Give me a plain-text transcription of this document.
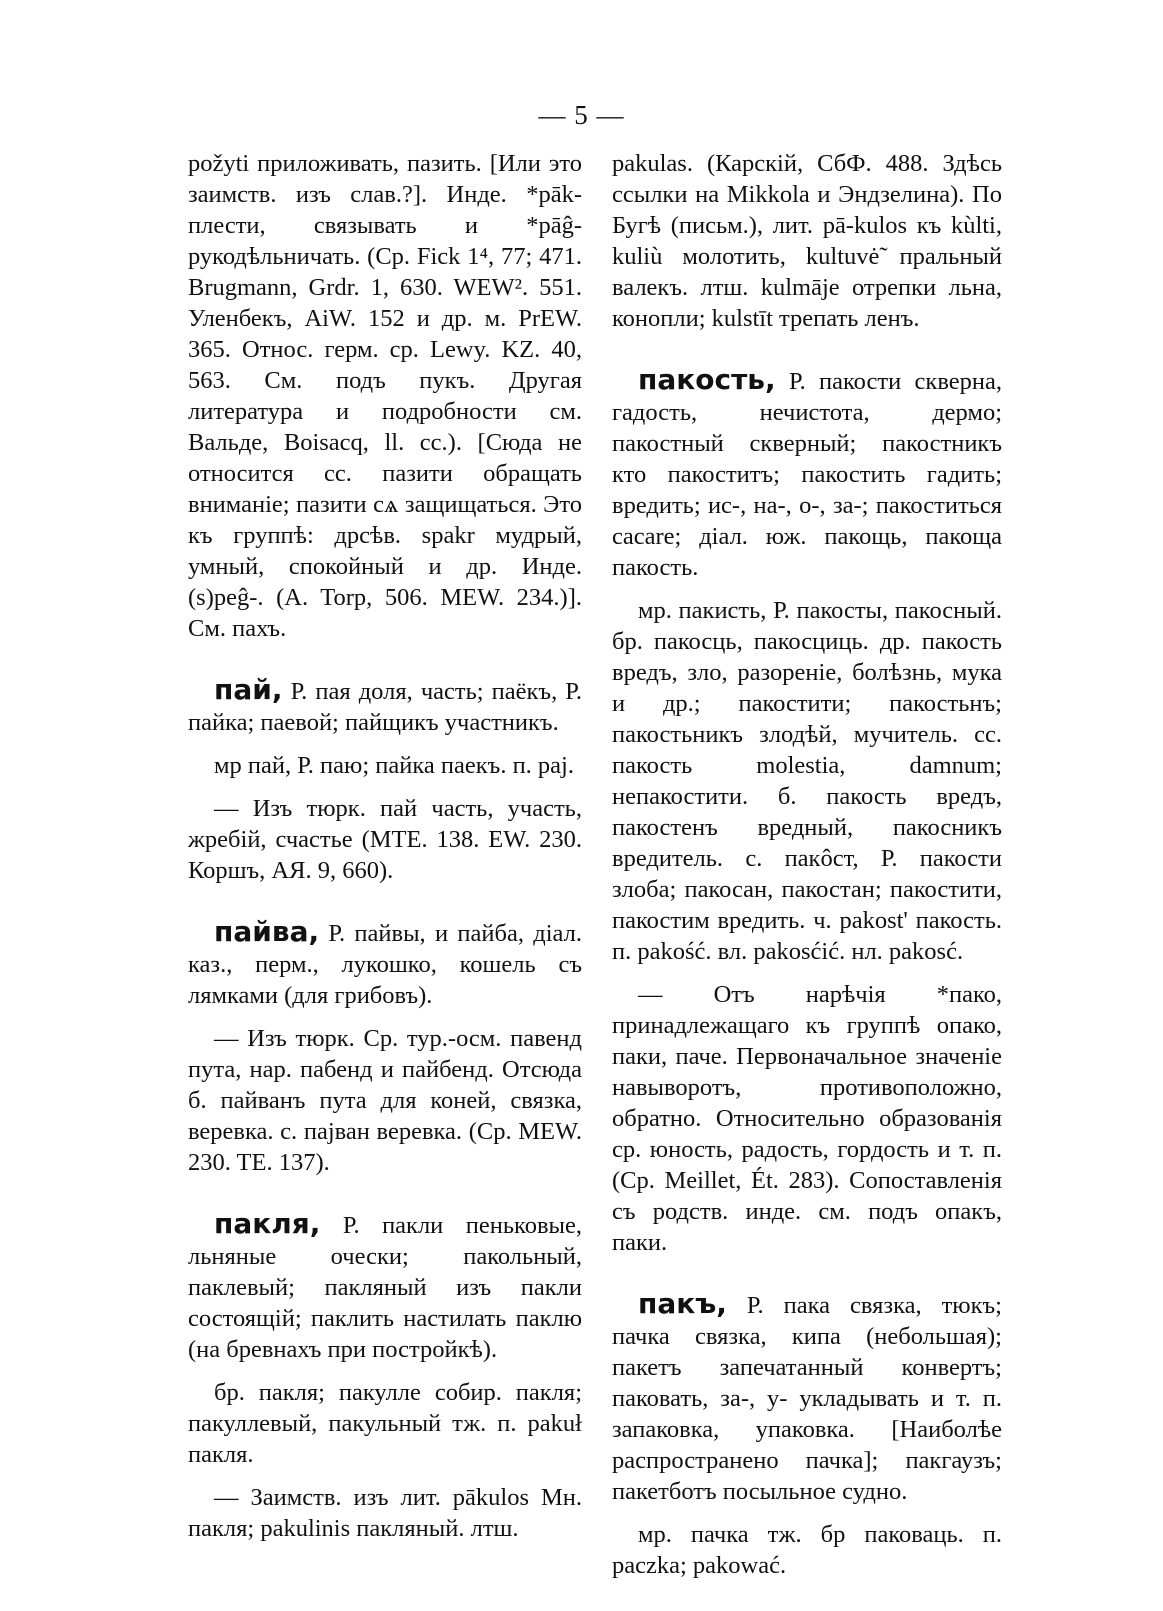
— 5 —

požyti приложивать, пазить. [Или это заимств. изъ слав.?]. Инде. *pāk- плести, связывать и *pāĝ- рукодѣльничать. (Ср. Fick 1⁴, 77; 471. Brugmann, Grdr. 1, 630. WEW². 551. Уленбекъ, AiW. 152 и др. м. PrEW. 365. Относ. герм. ср. Lewy. KZ. 40, 563. См. подъ пукъ. Другая литература и подробности см. Вальде, Boisacq, ll. cc.). [Сюда не относится сс. пазити обращать вниманіе; пазити сѧ защищаться. Это къ группѣ: дрсѣв. spakr мудрый, умный, спокойный и др. Инде. (s)peĝ-. (A. Torp, 506. MEW. 234.)]. См. пахъ.

пай, Р. пая доля, часть; паёкъ, Р. пайка; паевой; пайщикъ участникъ.

мр пай, Р. паю; пайка паекъ. п. paj.

— Изъ тюрк. пай часть, участь, жребій, счастье (MTE. 138. EW. 230. Коршъ, АЯ. 9, 660).

пайва, Р. пайвы, и пайба, діал. каз., перм., лукошко, кошель съ лямками (для грибовъ).

— Изъ тюрк. Ср. тур.-осм. павенд пута, нар. пабенд и пайбенд. Отсюда б. пайванъ пута для коней, связка, веревка. с. пајван веревка. (Ср. MEW. 230. TE. 137).

пакля, Р. пакли пеньковые, льняные очески; пакольный, паклевый; пакляный изъ пакли состоящій; паклить настилать паклю (на бревнахъ при постройкѣ).

бр. пакля; пакулле собир. пакля; пакуллевый, пакульный тж. п. pakuł пакля.

— Заимств. изъ лит. pākulos Мн. пакля; pakulinis пакляный. лтш.

pakulas. (Карскій, СбФ. 488. Здѣсь ссылки на Mikkola и Эндзелина). По Бугѣ (письм.), лит. pā-kulos къ kùlti, kuliù молотить, kultuvė̃ пральный валекъ. лтш. kulmāje отрепки льна, конопли; kulstīt трепать ленъ.

пакость, Р. пакости скверна, гадость, нечистота, дермо; пакостный скверный; пакостникъ кто пакоститъ; пакостить гадить; вредить; ис-, на-, о-, за-; пакоститься cacare; діал. юж. пакощь, пакоща пакость.

мр. пакисть, Р. пакосты, пакосный. бр. пакосць, пакосциць. др. пакость вредъ, зло, разореніе, болѣзнь, мука и др.; пакостити; пакостьнъ; пакостьникъ злодѣй, мучитель. сс. пакость molestia, damnum; непакостити. б. пакость вредъ, пакостенъ вредный, пакосникъ вредитель. с. пакôст, Р. пакости злоба; пакосан, пакостан; пакостити, пакостим вредить. ч. pakost' пакость. п. pakość. вл. pakosćić. нл. pakosć.

— Отъ нарѣчія *пако, принадлежащаго къ группѣ опако, паки, паче. Первоначальное значеніе навыворотъ, противоположно, обратно. Относительно образованія ср. юность, радость, гордость и т. п. (Ср. Meillet, Ét. 283). Сопоставленія съ родств. инде. см. подъ опакъ, паки.

пакъ, Р. пака связка, тюкъ; пачка связка, кипа (небольшая); пакетъ запечатанный конвертъ; паковать, за-, у- укладывать и т. п. запаковка, упаковка. [Наиболѣе распространено пачка]; пакгаузъ; пакетботъ посыльное судно.

мр. пачка тж. бр паковаць. п. paczka; pakować.
